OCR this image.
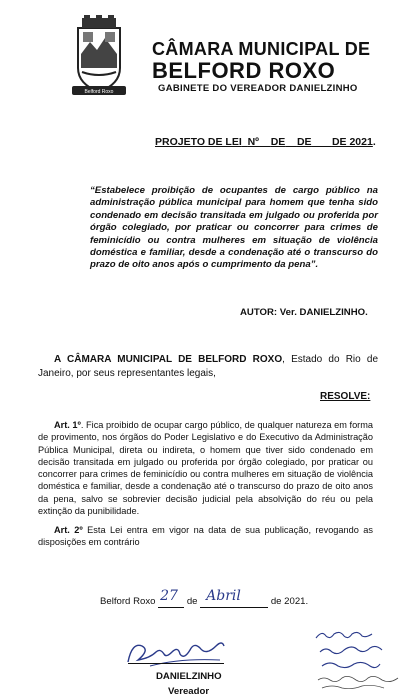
Belford Roxo
CÂMARA MUNICIPAL DE
BELFORD ROXO
GABINETE DO VEREADOR DANIELZINHO
PROJETO DE LEI Nº DE DE DE 2021.
“Estabelece proibição de ocupantes de cargo público na administração pública municipal para homem que tenha sido condenado em decisão transitada em julgado ou proferida por órgão colegiado, por praticar ou concorrer para crimes de feminicídio ou contra mulheres em situação de violência doméstica e familiar, desde a condenação até o transcurso do prazo de oito anos após o cumprimento da pena”.
AUTOR: Ver. DANIELZINHO.
A CÂMARA MUNICIPAL DE BELFORD ROXO, Estado do Rio de Janeiro, por seus representantes legais,
RESOLVE:
Art. 1º. Fica proibido de ocupar cargo público, de qualquer natureza em forma de provimento, nos órgãos do Poder Legislativo e do Executivo da Administração Pública Municipal, direta ou indireta, o homem que tiver sido condenado em decisão transitada em julgado ou proferida por órgão colegiado, por praticar ou concorrer para crimes de feminicídio ou contra mulheres em situação de violência doméstica e familiar, desde a condenação até o transcurso do prazo de oito anos da pena, salvo se sobrevier decisão judicial pela absolvição do réu ou pela extinção da punibilidade.
Art. 2º Esta Lei entra em vigor na data de sua publicação, revogando as disposições em contrário
Belford Roxo 27 de Abril	de 2021.
DANIELZINHO
Vereador
